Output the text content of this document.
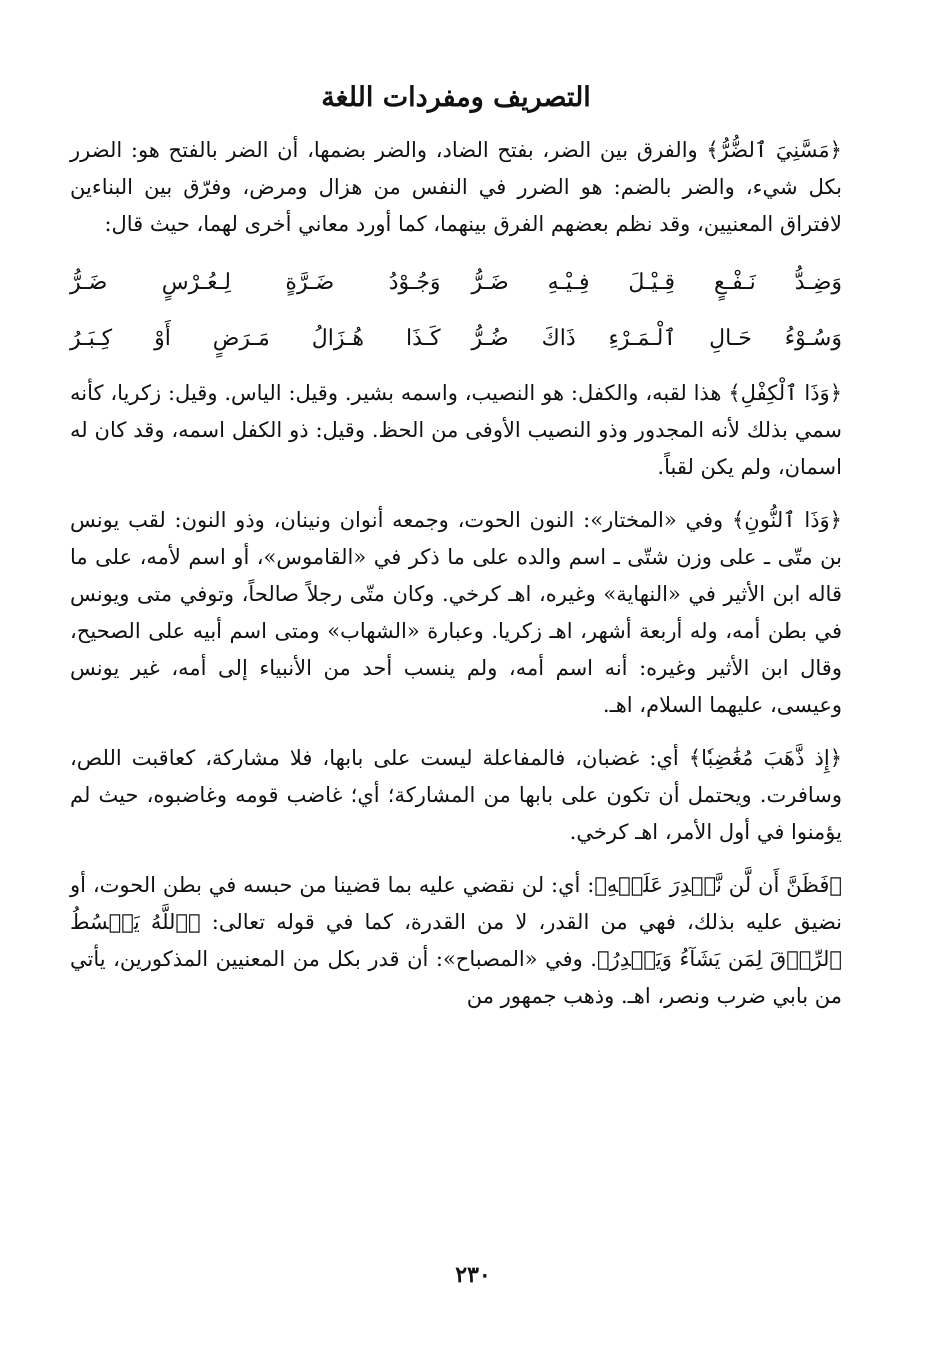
التصريف ومفردات اللغة

﴿مَسَّنِيَ ٱلضُّرُّ﴾ والفرق بين الضر، بفتح الضاد، والضر بضمها، أن الضر بالفتح هو: الضرر بكل شيء، والضر بالضم: هو الضرر في النفس من هزال ومرض، وفرّق بين البناءين لافتراق المعنيين، وقد نظم بعضهم الفرق بينهما، كما أورد معاني أخرى لهما، حيث قال:

وَضِـدُّ نَـفْـعٍ قِـيْـلَ فِـيْـهِ ضَـرُّ
وَجُـوْدُ ضَـرَّةٍ لِـعُـرْسٍ ضَـرُّ
وَسُـوْءُ حَـالِ ٱلْـمَـرْءِ ذَاكَ ضُـرُّ
كَـذَا هُـزَالُ مَـرَضٍ أَوْ كِـبَـرُ

﴿وَذَا ٱلْكِفْلِ﴾ هذا لقبه، والكفل: هو النصيب، واسمه بشير. وقيل: الياس. وقيل: زكريا، كأنه سمي بذلك لأنه المجدور وذو النصيب الأوفى من الحظ. وقيل: ذو الكفل اسمه، وقد كان له اسمان، ولم يكن لقباً.

﴿وَذَا ٱلنُّونِ﴾ وفي «المختار»: النون الحوت، وجمعه أنوان ونينان، وذو النون: لقب يونس بن متّى ـ على وزن شتّى ـ اسم والده على ما ذكر في «القاموس»، أو اسم لأمه، على ما قاله ابن الأثير في «النهاية» وغيره، اهـ كرخي. وكان متّى رجلاً صالحاً، وتوفي متى ويونس في بطن أمه، وله أربعة أشهر، اهـ زكريا. وعبارة «الشهاب» ومتى اسم أبيه على الصحيح، وقال ابن الأثير وغيره: أنه اسم أمه، ولم ينسب أحد من الأنبياء إلى أمه، غير يونس وعيسى، عليهما السلام، اهـ.

﴿إِذ ذَّهَبَ مُغَٰضِبٗا﴾ أي: غضبان، فالمفاعلة ليست على بابها، فلا مشاركة، كعاقبت اللص، وسافرت. ويحتمل أن تكون على بابها من المشاركة؛ أي؛ غاضب قومه وغاضبوه، حيث لم يؤمنوا في أول الأمر، اهـ كرخي.

﴿فَظَنَّ أَن لَّن نَّقۡدِرَ عَلَيۡهِ﴾: أي: لن نقضي عليه بما قضينا من حبسه في بطن الحوت، أو نضيق عليه بذلك، فهي من القدر، لا من القدرة، كما في قوله تعالى: ﴿ٱللَّهُ يَبۡسُطُ ٱلرِّزۡقَ لِمَن يَشَآءُ وَيَقۡدِرُ﴾. وفي «المصباح»: أن قدر بكل من المعنيين المذكورين، يأتي من بابي ضرب ونصر، اهـ. وذهب جمهور من

٢٣٠
